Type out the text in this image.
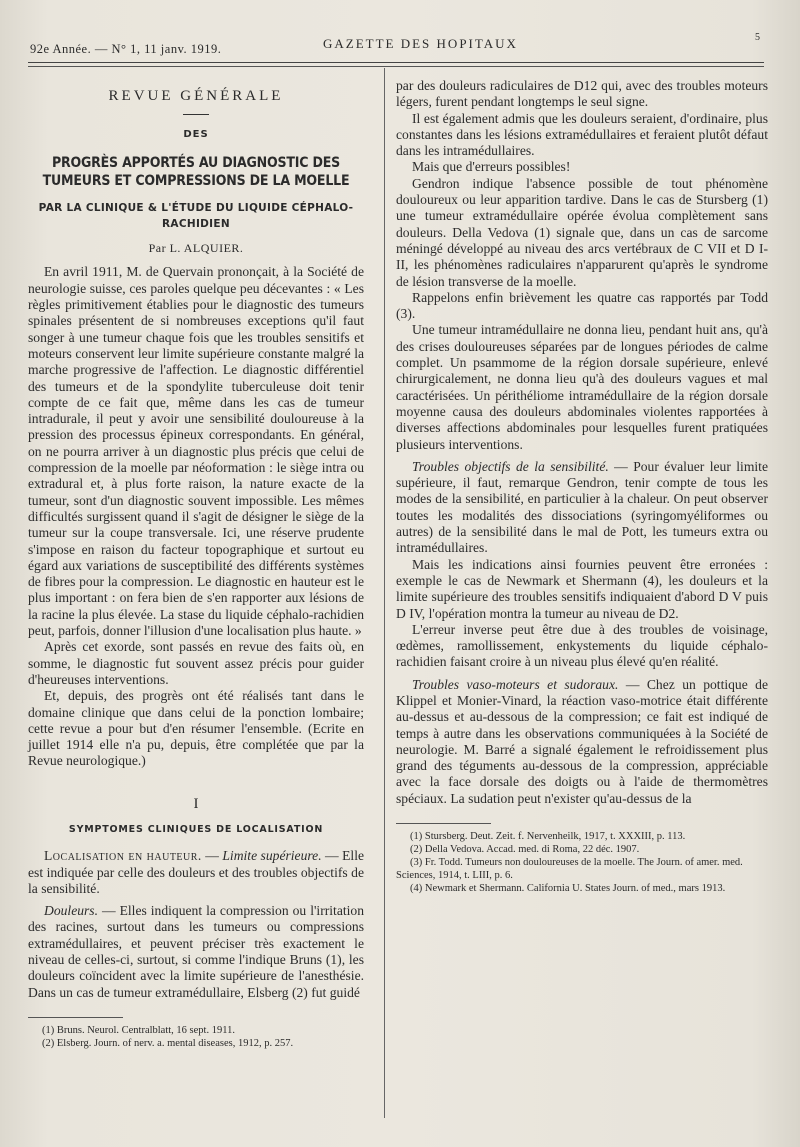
92e Année. — N° 1, 11 janv. 1919.	GAZETTE DES HOPITAUX	5
REVUE GÉNÉRALE
DES
PROGRÈS APPORTÉS AU DIAGNOSTIC DES TUMEURS ET COMPRESSIONS DE LA MOELLE
PAR LA CLINIQUE & L'ÉTUDE DU LIQUIDE CÉPHALO-RACHIDIEN
Par L. ALQUIER.

En avril 1911, M. de Quervain prononçait, à la Société de neurologie suisse, ces paroles quelque peu décevantes : « Les règles primitivement établies pour le diagnostic des tumeurs spinales présentent de si nombreuses exceptions qu'il faut songer à une tumeur chaque fois que les troubles sensitifs et moteurs conservent leur limite supérieure constante malgré la marche progressive de l'affection. Le diagnostic différentiel des tumeurs et de la spondylite tuberculeuse doit tenir compte de ce fait que, même dans les cas de tumeur intradurale, il peut y avoir une sensibilité douloureuse à la pression des processus épineux correspondants. En général, on ne pourra arriver à un diagnostic plus précis que celui de compression de la moelle par néoformation : le siège intra ou extradural et, à plus forte raison, la nature exacte de la tumeur, sont d'un diagnostic souvent impossible. Les mêmes difficultés surgissent quand il s'agit de désigner le siège de la tumeur sur la coupe transversale. Ici, une réserve prudente s'impose en raison du facteur topographique et surtout eu égard aux variations de susceptibilité des différents systèmes de fibres pour la compression. Le diagnostic en hauteur est le plus important : on fera bien de s'en rapporter aux lésions de la racine la plus élevée. La stase du liquide céphalo-rachidien peut, parfois, donner l'illusion d'une localisation plus haute. »

Après cet exorde, sont passés en revue des faits où, en somme, le diagnostic fut souvent assez précis pour guider d'heureuses interventions.

Et, depuis, des progrès ont été réalisés tant dans le domaine clinique que dans celui de la ponction lombaire; cette revue a pour but d'en résumer l'ensemble. (Ecrite en juillet 1914 elle n'a pu, depuis, être complétée que par la Revue neurologique.)

I
SYMPTOMES CLINIQUES DE LOCALISATION

Localisation en hauteur. — Limite supérieure. — Elle est indiquée par celle des douleurs et des troubles objectifs de la sensibilité.

Douleurs. — Elles indiquent la compression ou l'irritation des racines, surtout dans les tumeurs ou compressions extramédullaires, et peuvent préciser très exactement le niveau de celles-ci, surtout, si comme l'indique Bruns (1), les douleurs coïncident avec la limite supérieure de l'anesthésie. Dans un cas de tumeur extramédullaire, Elsberg (2) fut guidé

(1) Bruns. Neurol. Centralblatt, 16 sept. 1911.

(2) Elsberg. Journ. of nerv. a. mental diseases, 1912, p. 257.

par des douleurs radiculaires de D12 qui, avec des troubles moteurs légers, furent pendant longtemps le seul signe.

Il est également admis que les douleurs seraient, d'ordinaire, plus constantes dans les lésions extramédullaires et feraient plutôt défaut dans les intramédullaires.

Mais que d'erreurs possibles!

Gendron indique l'absence possible de tout phénomène douloureux ou leur apparition tardive. Dans le cas de Stursberg (1) une tumeur extramédullaire opérée évolua complètement sans douleurs. Della Vedova (1) signale que, dans un cas de sarcome méningé développé au niveau des arcs vertébraux de C VII et D I-II, les phénomènes radiculaires n'apparurent qu'après le syndrome de lésion transverse de la moelle.

Rappelons enfin brièvement les quatre cas rapportés par Todd (3).

Une tumeur intramédullaire ne donna lieu, pendant huit ans, qu'à des crises douloureuses séparées par de longues périodes de calme complet. Un psammome de la région dorsale supérieure, enlevé chirurgicalement, ne donna lieu qu'à des douleurs vagues et mal caractérisées. Un périthéliome intramédullaire de la région dorsale moyenne causa des douleurs abdominales violentes rapportées à diverses affections abdominales pour lesquelles furent pratiquées plusieurs interventions.

Troubles objectifs de la sensibilité. — Pour évaluer leur limite supérieure, il faut, remarque Gendron, tenir compte de tous les modes de la sensibilité, en particulier à la chaleur. On peut observer toutes les modalités des dissociations (syringomyéliformes ou autres) de la sensibilité dans le mal de Pott, les tumeurs extra ou intramédullaires.

Mais les indications ainsi fournies peuvent être erronées : exemple le cas de Newmark et Shermann (4), les douleurs et la limite supérieure des troubles sensitifs indiquaient d'abord D V puis D IV, l'opération montra la tumeur au niveau de D2.

L'erreur inverse peut être due à des troubles de voisinage, œdèmes, ramollissement, enkystements du liquide céphalo-rachidien faisant croire à un niveau plus élevé qu'en réalité.

Troubles vaso-moteurs et sudoraux. — Chez un pottique de Klippel et Monier-Vinard, la réaction vaso-motrice était différente au-dessus et au-dessous de la compression; ce fait est indiqué de temps à autre dans les observations communiquées à la Société de neurologie. M. Barré a signalé également le refroidissement plus grand des téguments au-dessous de la compression, appréciable avec la face dorsale des doigts ou à l'aide de thermomètres spéciaux. La sudation peut n'exister qu'au-dessus de la

(1) Stursberg. Deut. Zeit. f. Nervenheilk, 1917, t. XXXIII, p. 113.

(2) Della Vedova. Accad. med. di Roma, 22 déc. 1907.

(3) Fr. Todd. Tumeurs non douloureuses de la moelle. The Journ. of amer. med. Sciences, 1914, t. LIII, p. 6.

(4) Newmark et Shermann. California U. States Journ. of med., mars 1913.
